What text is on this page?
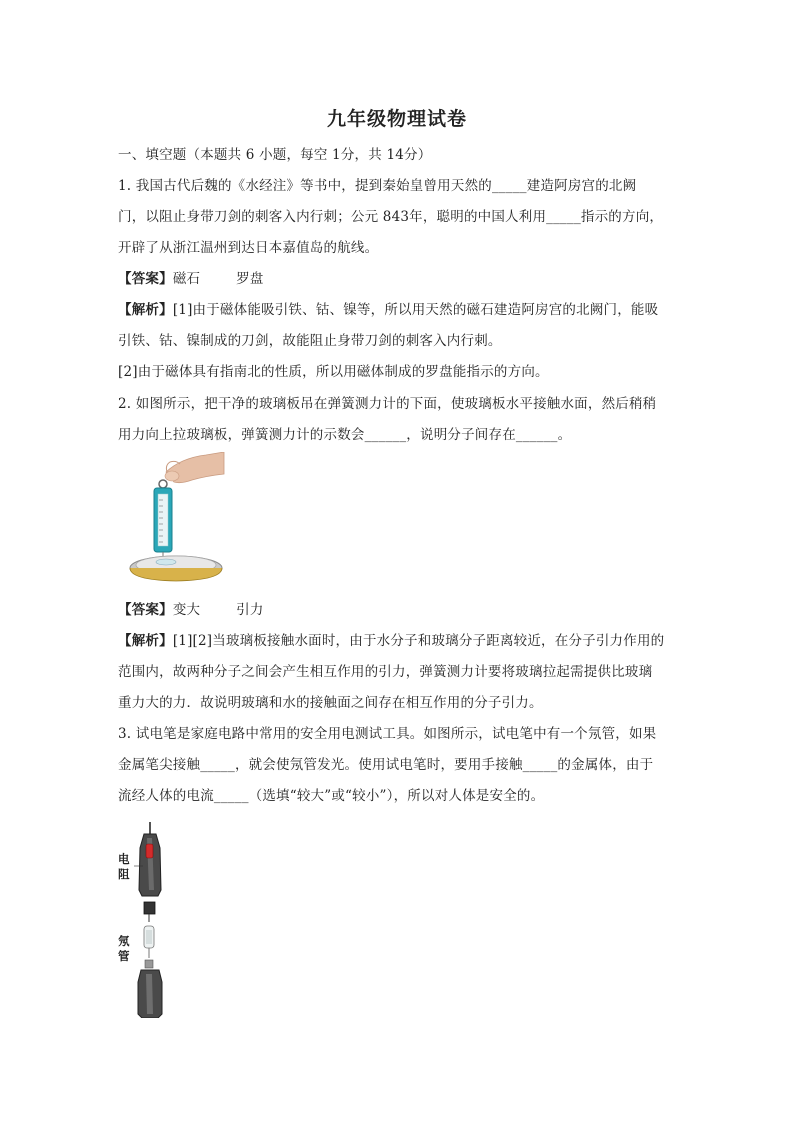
九年级物理试卷
一、填空题（本题共 6 小题，每空 1分，共 14分）
1. 我国古代后魏的《水经注》等书中，提到秦始皇曾用天然的_____建造阿房宫的北阙
门，以阻止身带刀剑的刺客入内行刺；公元 843年，聪明的中国人利用_____指示的方向，
开辟了从浙江温州到达日本嘉值岛的航线。
【答案】磁石        罗盘
【解析】[1]由于磁体能吸引铁、钴、镍等，所以用天然的磁石建造阿房宫的北阙门，能吸
引铁、钴、镍制成的刀剑，故能阻止身带刀剑的刺客入内行刺。
[2]由于磁体具有指南北的性质，所以用磁体制成的罗盘能指示的方向。
2. 如图所示，把干净的玻璃板吊在弹簧测力计的下面，使玻璃板水平接触水面，然后稍稍
用力向上拉玻璃板，弹簧测力计的示数会______，说明分子间存在______。
【答案】变大        引力
【解析】[1][2]当玻璃板接触水面时，由于水分子和玻璃分子距离较近，在分子引力作用的
范围内，故两种分子之间会产生相互作用的引力，弹簧测力计要将玻璃拉起需提供比玻璃
重力大的力．故说明玻璃和水的接触面之间存在相互作用的分子引力。
3. 试电笔是家庭电路中常用的安全用电测试工具。如图所示，试电笔中有一个氖管，如果
金属笔尖接触_____，就会使氖管发光。使用试电笔时，要用手接触_____的金属体，由于
流经人体的电流_____（选填“较大”或“较小”），所以对人体是安全的。
电阻
氖管
